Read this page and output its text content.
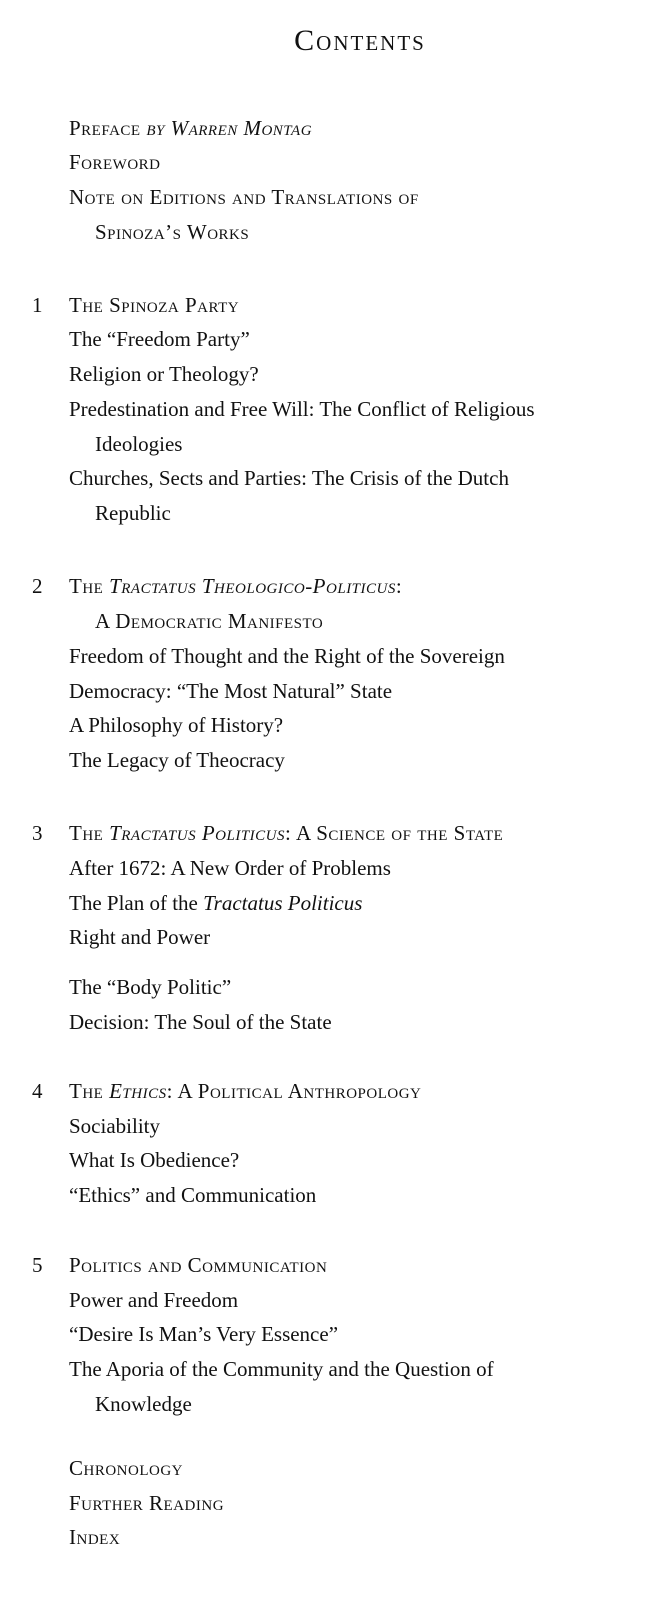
Contents
Preface by Warren Montag
Foreword
Note on Editions and Translations of
Spinoza’s Works
1 The Spinoza Party
The “Freedom Party”
Religion or Theology?
Predestination and Free Will: The Conflict of Religious
Ideologies
Churches, Sects and Parties: The Crisis of the Dutch
Republic
2 The Tractatus Theologico-Politicus:
A Democratic Manifesto
Freedom of Thought and the Right of the Sovereign
Democracy: “The Most Natural” State
A Philosophy of History?
The Legacy of Theocracy
3 The Tractatus Politicus: A Science of the State
After 1672: A New Order of Problems
The Plan of the Tractatus Politicus
Right and Power
The “Body Politic”
Decision: The Soul of the State
4 The Ethics: A Political Anthropology
Sociability
What Is Obedience?
“Ethics” and Communication
5 Politics and Communication
Power and Freedom
“Desire Is Man’s Very Essence”
The Aporia of the Community and the Question of
Knowledge
Chronology
Further Reading
Index
